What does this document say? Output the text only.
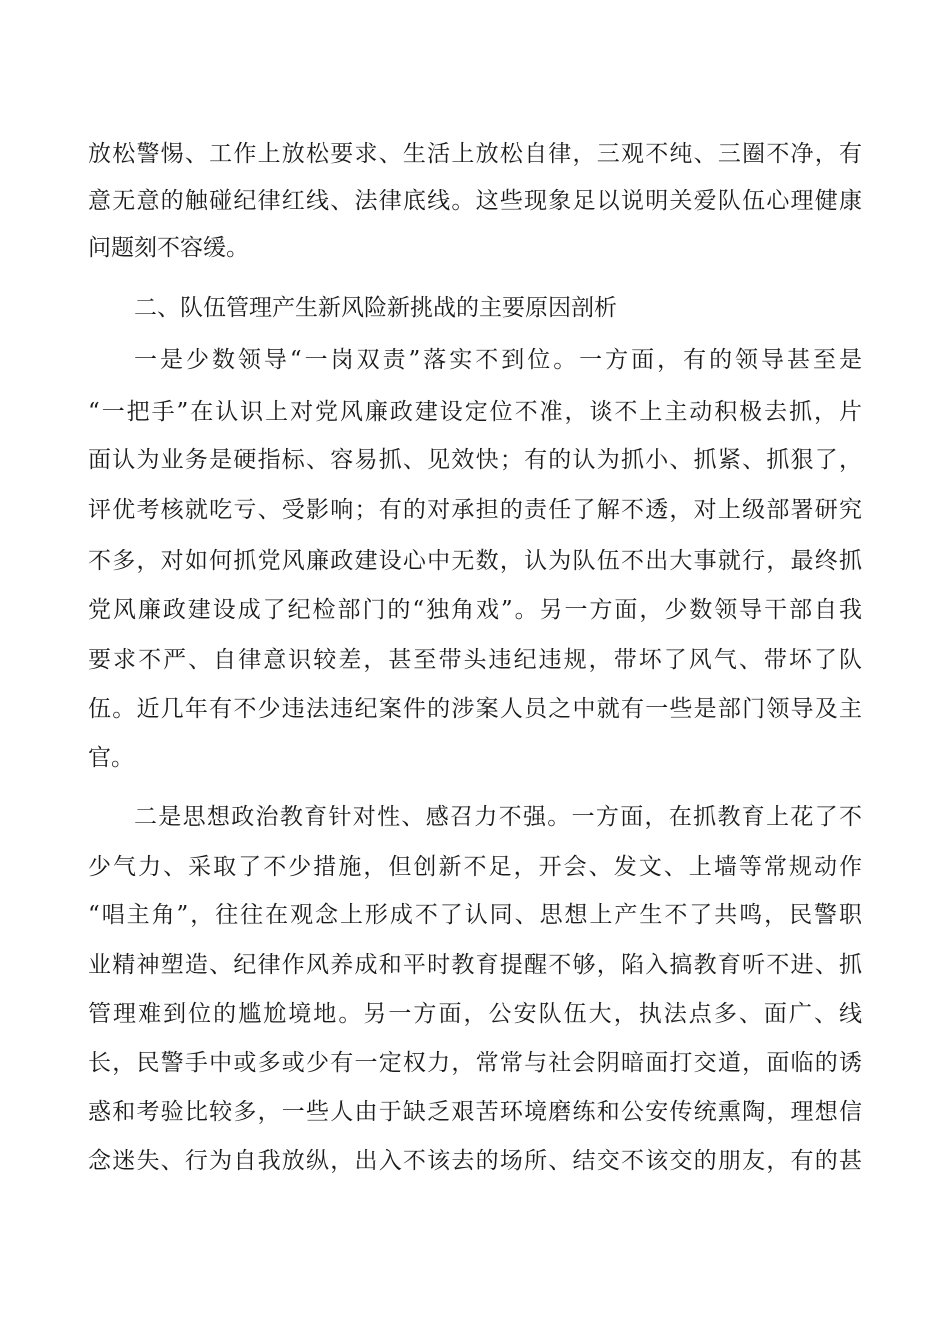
放松警惕、工作上放松要求、生活上放松自律，三观不纯、三圈不净，有
意无意的触碰纪律红线、法律底线。这些现象足以说明关爱队伍心理健康
问题刻不容缓。
二、队伍管理产生新风险新挑战的主要原因剖析
一是少数领导“一岗双责”落实不到位。一方面，有的领导甚至是
“一把手”在认识上对党风廉政建设定位不准，谈不上主动积极去抓，片
面认为业务是硬指标、容易抓、见效快；有的认为抓小、抓紧、抓狠了，
评优考核就吃亏、受影响；有的对承担的责任了解不透，对上级部署研究
不多，对如何抓党风廉政建设心中无数，认为队伍不出大事就行，最终抓
党风廉政建设成了纪检部门的“独角戏”。另一方面，少数领导干部自我
要求不严、自律意识较差，甚至带头违纪违规，带坏了风气、带坏了队
伍。近几年有不少违法违纪案件的涉案人员之中就有一些是部门领导及主
官。
二是思想政治教育针对性、感召力不强。一方面，在抓教育上花了不
少气力、采取了不少措施，但创新不足，开会、发文、上墙等常规动作
“唱主角”，往往在观念上形成不了认同、思想上产生不了共鸣，民警职
业精神塑造、纪律作风养成和平时教育提醒不够，陷入搞教育听不进、抓
管理难到位的尴尬境地。另一方面，公安队伍大，执法点多、面广、线
长，民警手中或多或少有一定权力，常常与社会阴暗面打交道，面临的诱
惑和考验比较多，一些人由于缺乏艰苦环境磨练和公安传统熏陶，理想信
念迷失、行为自我放纵，出入不该去的场所、结交不该交的朋友，有的甚
